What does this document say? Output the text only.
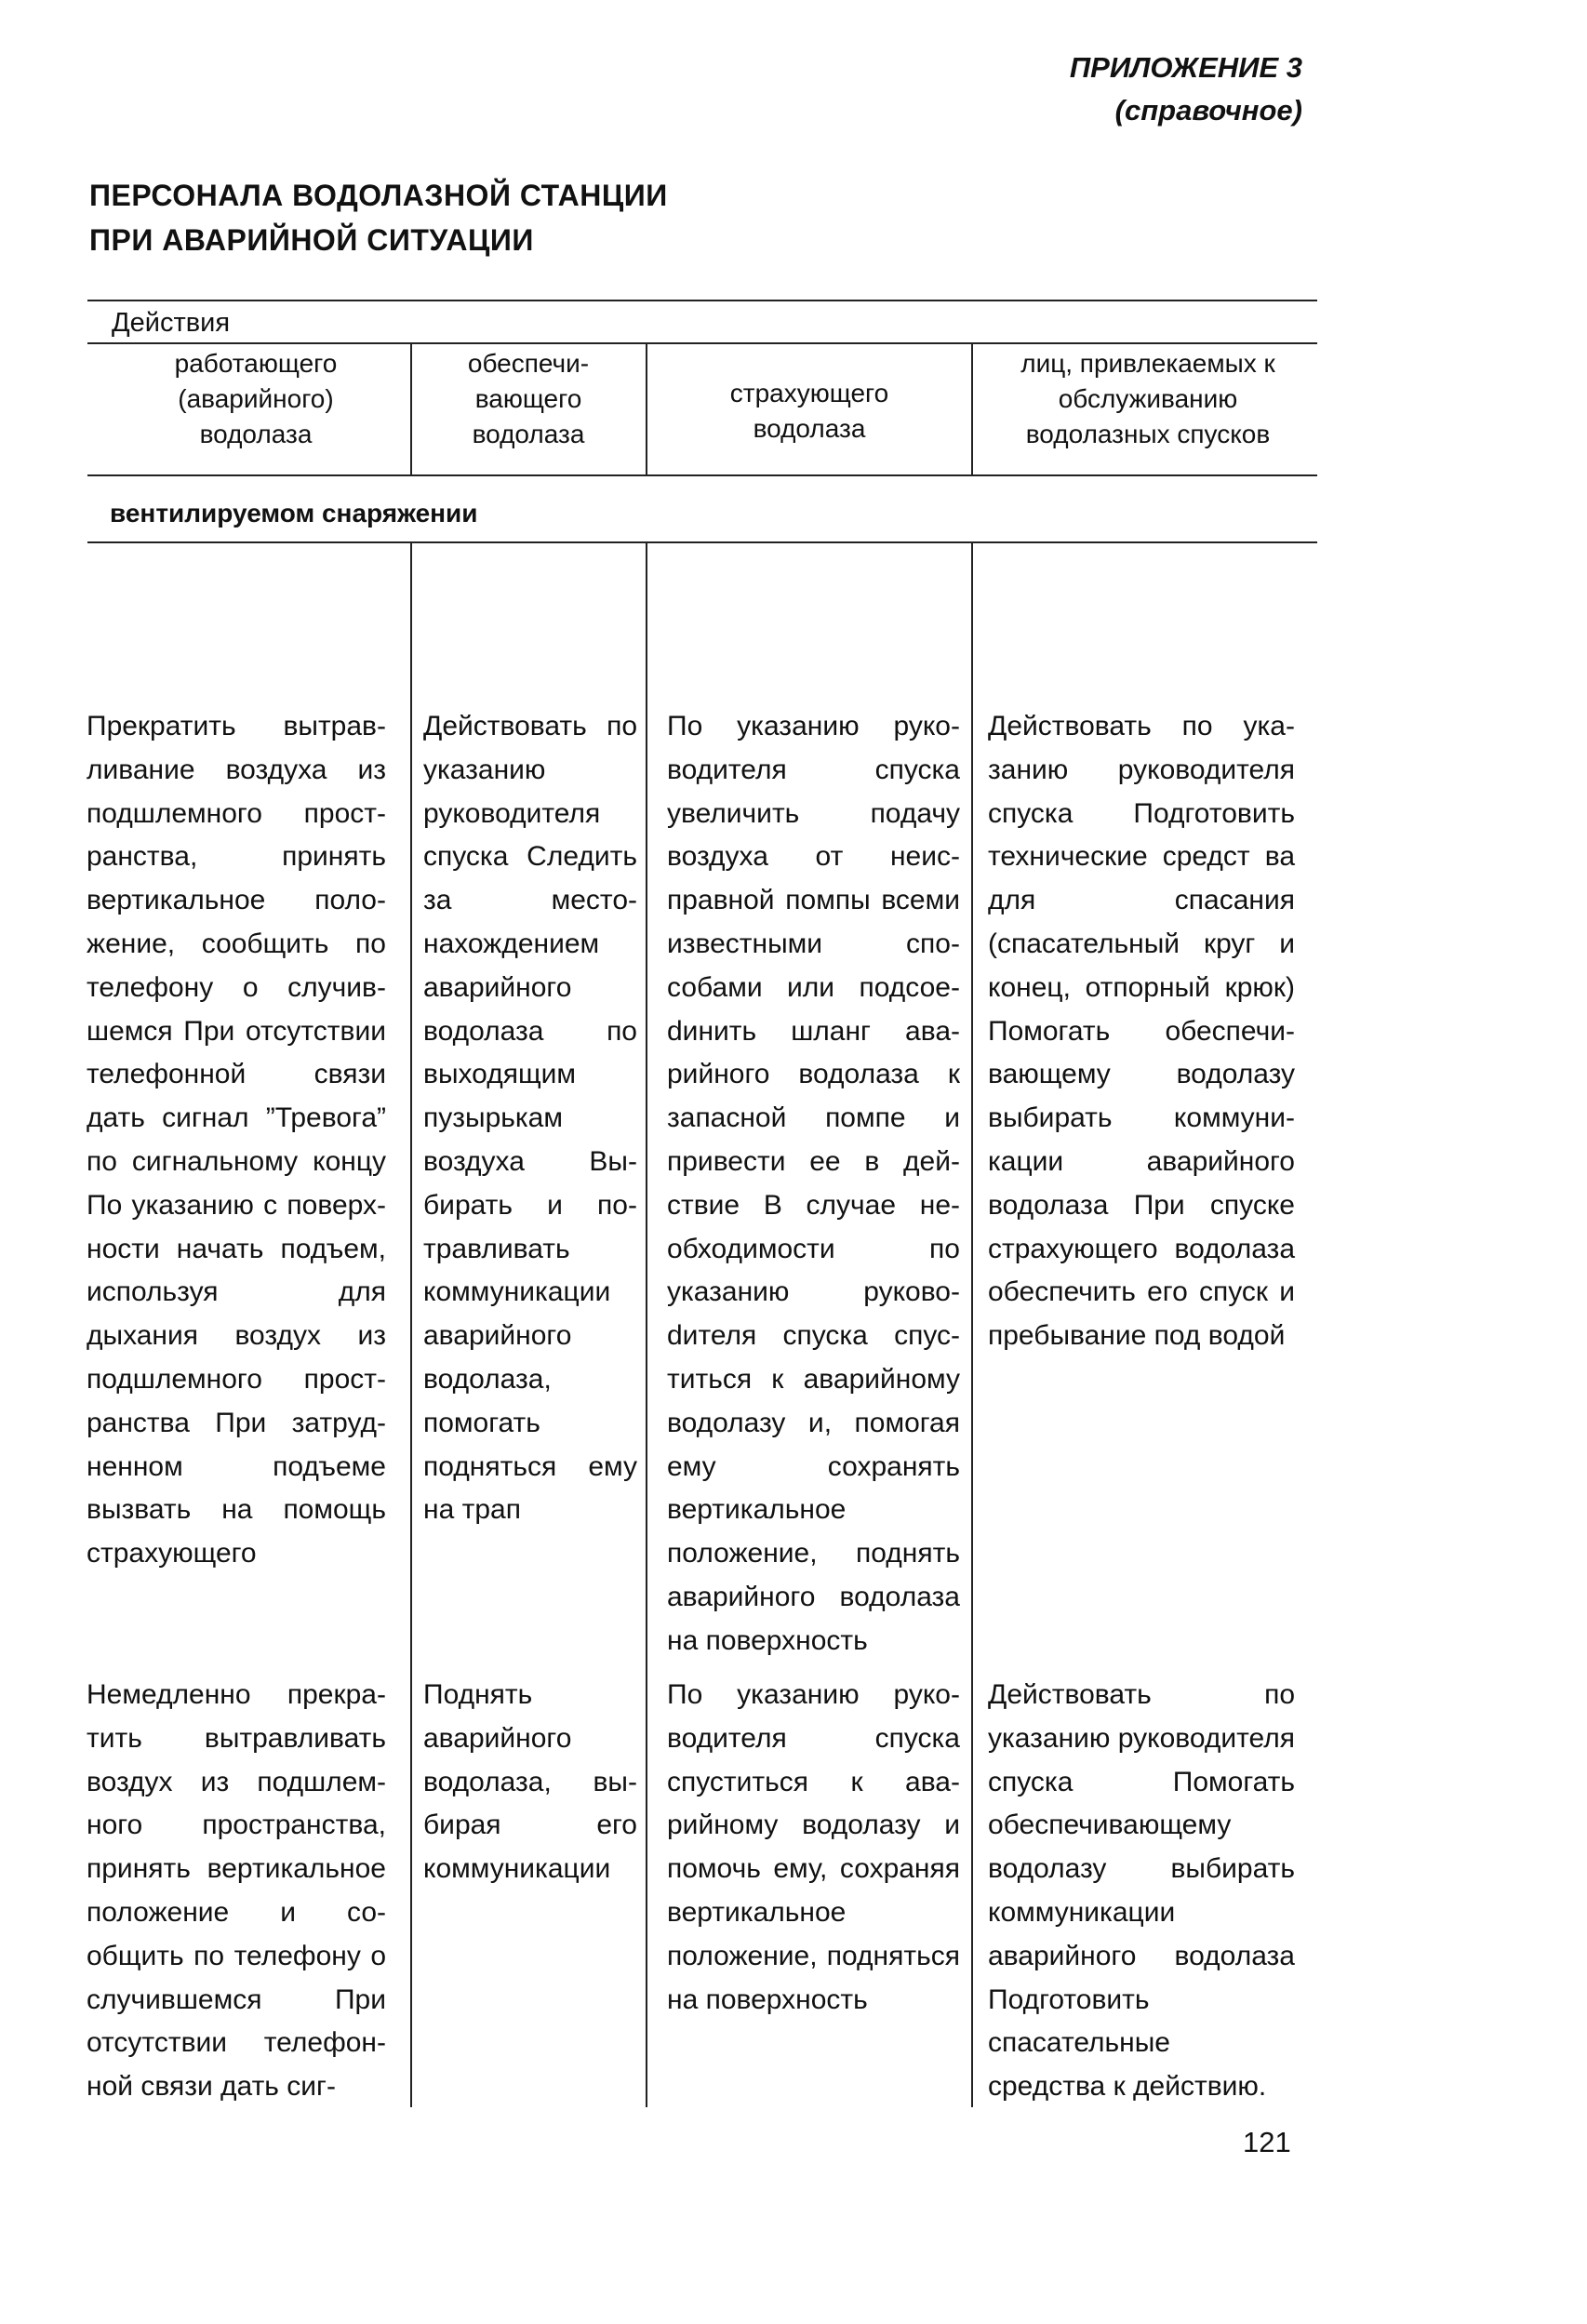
ПРИЛОЖЕНИЕ 3
(справочное)
ПЕРСОНАЛА ВОДОЛАЗНОЙ СТАНЦИИ
ПРИ АВАРИЙНОЙ СИТУАЦИИ
Действия
работающего (аварийного) водолаза
обеспечи-вающего водолаза
страхующего водолаза
лиц, привлекаемых к обслуживанию водолазных спусков
вентилируемом снаряжении
Прекратить вытравливание воздуха из подшлемного пространства, принять вертикальное положение, сообщить по телефону о случившемся При отсутствии телефонной связи дать сигнал ”Тревога” по сигнальному концу По указанию с поверхности начать подъем, используя для дыхания воздух из подшлемного пространства При затрудненном подъеме вызвать на помощь страхующего
Действовать по указанию руководителя спуска Следить за местонахождением аварийного водолаза по выходящим пузырькам воздуха Выбирать и потравливать коммуникации аварийного водолаза, помогать подняться ему на трап
По указанию руководителя спуска увеличить подачу воздуха от неисправной помпы всеми известными способами или подсоеdинить шланг аварийного водолаза к запасной помпе и привести ее в действие В случае необходимости по указанию руковоdителя спуска спуститься к аварийному водолазу и, помогая ему сохранять вертикальное положение, поднять аварийного водолаза на поверхность
Действовать по указанию руководителя спуска Подготовить технические средст ва для спасания (спасательный круг и конец, отпорный крюк) Помогать обеспечивающему водолазу выбирать коммуникации аварийного водолаза При спуске страхующего водолаза обеспечить его спуск и пребывание под водой
Немедленно прекратить вытравливать воздух из подшлемного пространства, принять вертикальное положение и сообщить по телефону о случившемся При отсутствии телефонной связи дать сиг-
Поднять аварийного водолаза, выбирая его коммуникации
По указанию руководителя спуска спуститься к аварийному водолазу и помочь ему, сохраняя вертикальное положение, подняться на поверхность
Действовать по указанию руководителя спуска Помогать обеспечивающему водолазу выбирать коммуникации аварийного водолаза Подготовить спасательные средства к действию.
121
